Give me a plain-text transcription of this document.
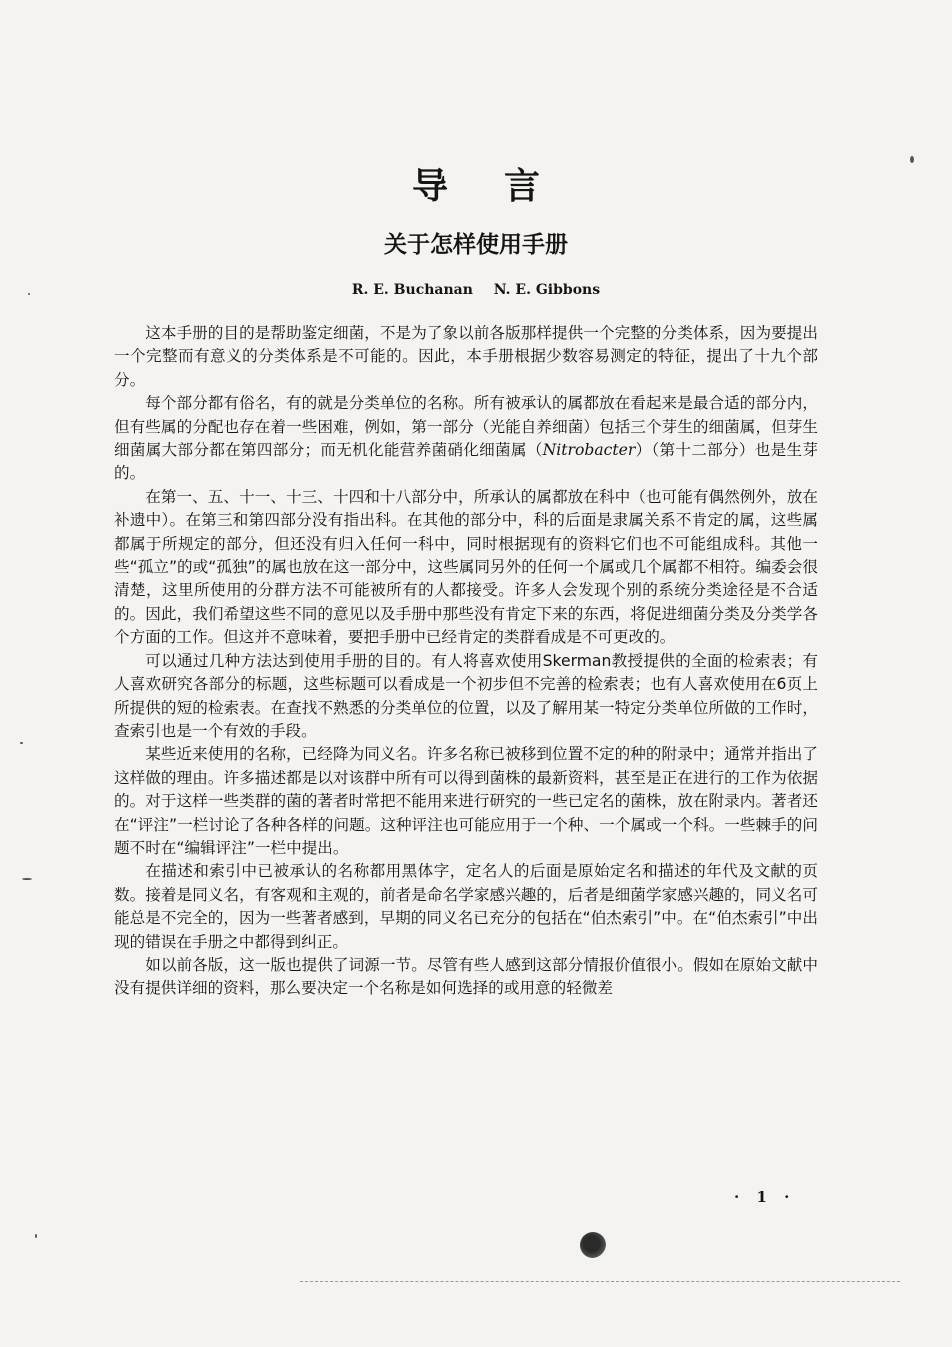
导言
关于怎样使用手册
R. E. Buchanan N. E. Gibbons

这本手册的目的是帮助鉴定细菌，不是为了象以前各版那样提供一个完整的分类体系，因为要提出一个完整而有意义的分类体系是不可能的。因此，本手册根据少数容易测定的特征，提出了十九个部分。

每个部分都有俗名，有的就是分类单位的名称。所有被承认的属都放在看起来是最合适的部分内，但有些属的分配也存在着一些困难，例如，第一部分（光能自养细菌）包括三个芽生的细菌属，但芽生细菌属大部分都在第四部分；而无机化能营养菌硝化细菌属（Nitrobacter）（第十二部分）也是生芽的。

在第一、五、十一、十三、十四和十八部分中，所承认的属都放在科中（也可能有偶然例外，放在补遗中）。在第三和第四部分没有指出科。在其他的部分中，科的后面是隶属关系不肯定的属，这些属都属于所规定的部分，但还没有归入任何一科中，同时根据现有的资料它们也不可能组成科。其他一些“孤立”的或“孤独”的属也放在这一部分中，这些属同另外的任何一个属或几个属都不相符。编委会很清楚，这里所使用的分群方法不可能被所有的人都接受。许多人会发现个别的系统分类途径是不合适的。因此，我们希望这些不同的意见以及手册中那些没有肯定下来的东西，将促进细菌分类及分类学各个方面的工作。但这并不意味着，要把手册中已经肯定的类群看成是不可更改的。

可以通过几种方法达到使用手册的目的。有人将喜欢使用Skerman教授提供的全面的检索表；有人喜欢研究各部分的标题，这些标题可以看成是一个初步但不完善的检索表；也有人喜欢使用在6页上所提供的短的检索表。在查找不熟悉的分类单位的位置，以及了解用某一特定分类单位所做的工作时，查索引也是一个有效的手段。

某些近来使用的名称，已经降为同义名。许多名称已被移到位置不定的种的附录中；通常并指出了这样做的理由。许多描述都是以对该群中所有可以得到菌株的最新资料，甚至是正在进行的工作为依据的。对于这样一些类群的菌的著者时常把不能用来进行研究的一些已定名的菌株，放在附录内。著者还在“评注”一栏讨论了各种各样的问题。这种评注也可能应用于一个种、一个属或一个科。一些棘手的问题不时在“编辑评注”一栏中提出。

在描述和索引中已被承认的名称都用黑体字，定名人的后面是原始定名和描述的年代及文献的页数。接着是同义名，有客观和主观的，前者是命名学家感兴趣的，后者是细菌学家感兴趣的，同义名可能总是不完全的，因为一些著者感到，早期的同义名已充分的包括在“伯杰索引”中。在“伯杰索引”中出现的错误在手册之中都得到纠正。

如以前各版，这一版也提供了词源一节。尽管有些人感到这部分情报价值很小。假如在原始文献中没有提供详细的资料，那么要决定一个名称是如何选择的或用意的轻微差

· 1 ·
